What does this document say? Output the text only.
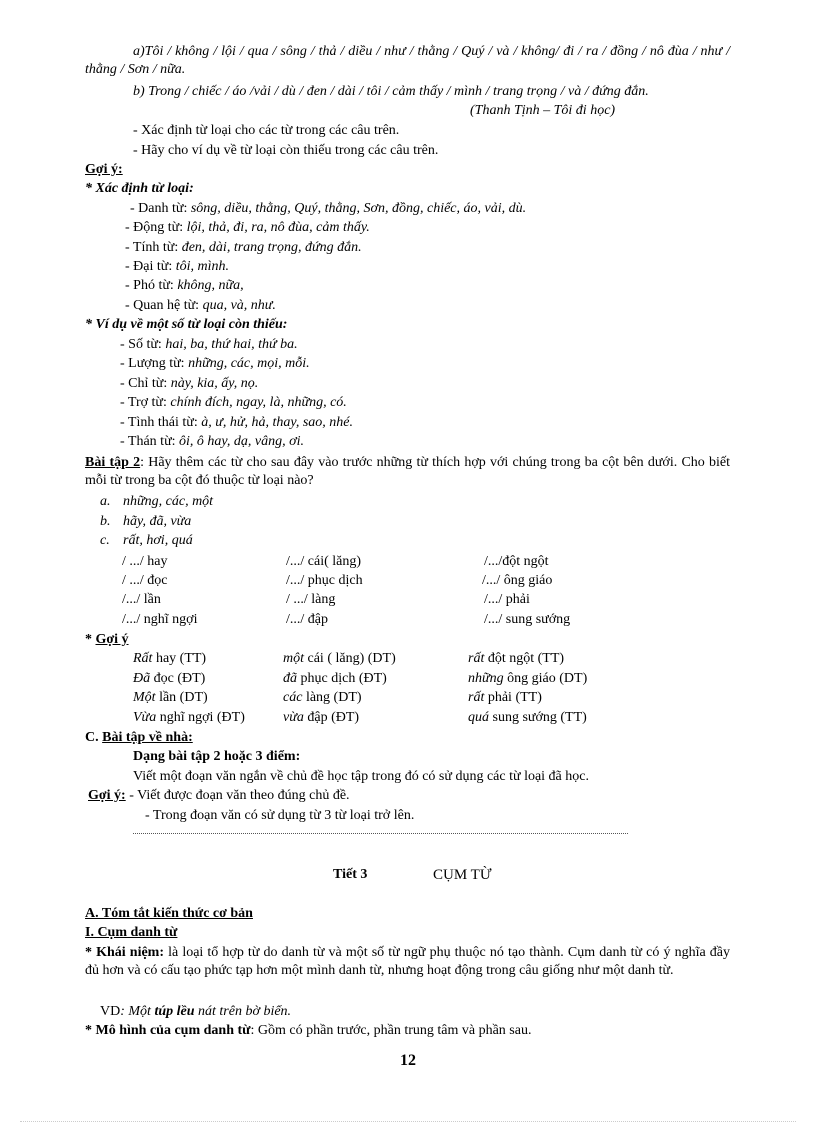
a)Tôi / không / lội / qua / sông / thả / diều / như / thằng / Quý / và / không/ đi / ra / đồng / nô đùa / như / thằng / Sơn / nữa.
b) Trong / chiếc / áo /vải / dù / đen / dài / tôi / cảm thấy / mình / trang trọng / và / đứng đắn.
(Thanh Tịnh – Tôi đi học)
- Xác định từ loại cho các từ trong các câu trên.
- Hãy cho ví dụ về từ loại còn thiếu trong các câu trên.
Gợi ý:
* Xác định từ loại:
- Danh từ: sông, diều, thằng, Quý, thằng, Sơn, đồng, chiếc, áo, vải, dù.
- Động từ: lội, thả, đi, ra, nô đùa, cảm thấy.
- Tính từ: đen, dài, trang trọng, đứng đắn.
- Đại từ: tôi, mình.
- Phó từ: không, nữa,
- Quan hệ từ: qua, và, như.
* Ví dụ về một số từ loại còn thiếu:
- Số từ: hai, ba, thứ hai, thứ ba.
- Lượng từ: những, các, mọi, mỗi.
- Chỉ từ: này, kia, ấy, nọ.
- Trợ từ: chính đích, ngay, là, những, có.
- Tình thái từ: à, ư, hử, hả, thay, sao, nhé.
- Thán từ: ôi, ô hay, dạ, vâng, ơi.
Bài tập 2: Hãy thêm các từ cho sau đây vào trước những từ thích hợp với chúng trong ba cột bên dưới. Cho biết mỗi từ trong ba cột đó thuộc từ loại nào?
a. những, các, một
b. hãy, đã, vừa
c. rất, hơi, quá
/ .../ hay	/.../ cái( lăng)	/.../đột ngột
/ .../ đọc	/.../ phục dịch	/.../ ông giáo
/.../ lần	/ .../ làng	/.../ phải
/.../ nghĩ ngợi	/.../ đập	/.../ sung sướng
* Gợi ý
Rất hay (TT)	một cái ( lăng) (DT)	rất đột ngột (TT)
Đã đọc (ĐT)	đã phục dịch (ĐT)	những ông giáo (DT)
Một lần (DT)	các làng (DT)	rất phải (TT)
Vừa nghĩ ngợi (ĐT)	vừa đập (ĐT)	quá sung sướng (TT)
C. Bài tập về nhà:
Dạng bài tập 2 hoặc 3 điểm:
Viết một đoạn văn ngắn về chủ đề học tập trong đó có sử dụng các từ loại đã học.
Gợi ý: - Viết được đoạn văn theo đúng chủ đề.
- Trong đoạn văn có sử dụng từ 3 từ loại trở lên.
Tiết 3	CỤM TỪ
A. Tóm tắt kiến thức cơ bản
I. Cụm danh từ
* Khái niệm: là loại tổ hợp từ do danh từ và một số từ ngữ phụ thuộc nó tạo thành. Cụm danh từ có ý nghĩa đầy đủ hơn và có cấu tạo phức tạp hơn một mình danh từ, nhưng hoạt động trong câu giống như một danh từ.
VD: Một túp lều nát trên bờ biển.
* Mô hình của cụm danh từ: Gồm có phần trước, phần trung tâm và phần sau.
12
